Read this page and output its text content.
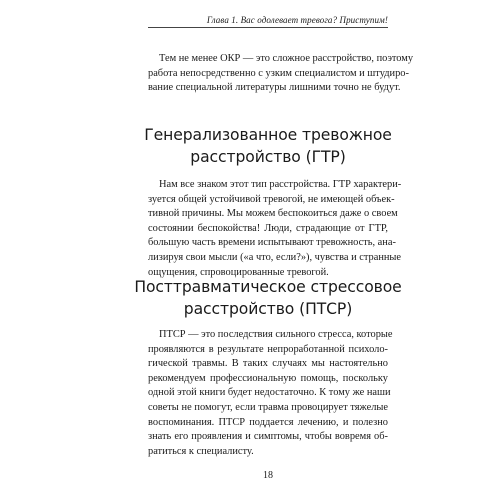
Глава 1. Вас одолевает тревога? Приступим!

Тем не менее ОКР — это сложное расстройство, поэтому
работа непосредственно с узким специалистом и штудиро-
вание специальной литературы лишними точно не будут.

Генерализованное тревожное
расстройство (ГТР)

Нам все знаком этот тип расстройства. ГТР характери-
зуется общей устойчивой тревогой, не имеющей объек-
тивной причины. Мы можем беспокоиться даже о своем
состоянии беспокойства! Люди, страдающие от ГТР,
большую часть времени испытывают тревожность, ана-
лизируя свои мысли («а что, если?»), чувства и странные
ощущения, спровоцированные тревогой.

Посттравматическое стрессовое
расстройство (ПТСР)

ПТСР — это последствия сильного стресса, которые
проявляются в результате непроработанной психоло-
гической травмы. В таких случаях мы настоятельно
рекомендуем профессиональную помощь, поскольку
одной этой книги будет недостаточно. К тому же наши
советы не помогут, если травма провоцирует тяжелые
воспоминания. ПТСР поддается лечению, и полезно
знать его проявления и симптомы, чтобы вовремя об-
ратиться к специалисту.

18
